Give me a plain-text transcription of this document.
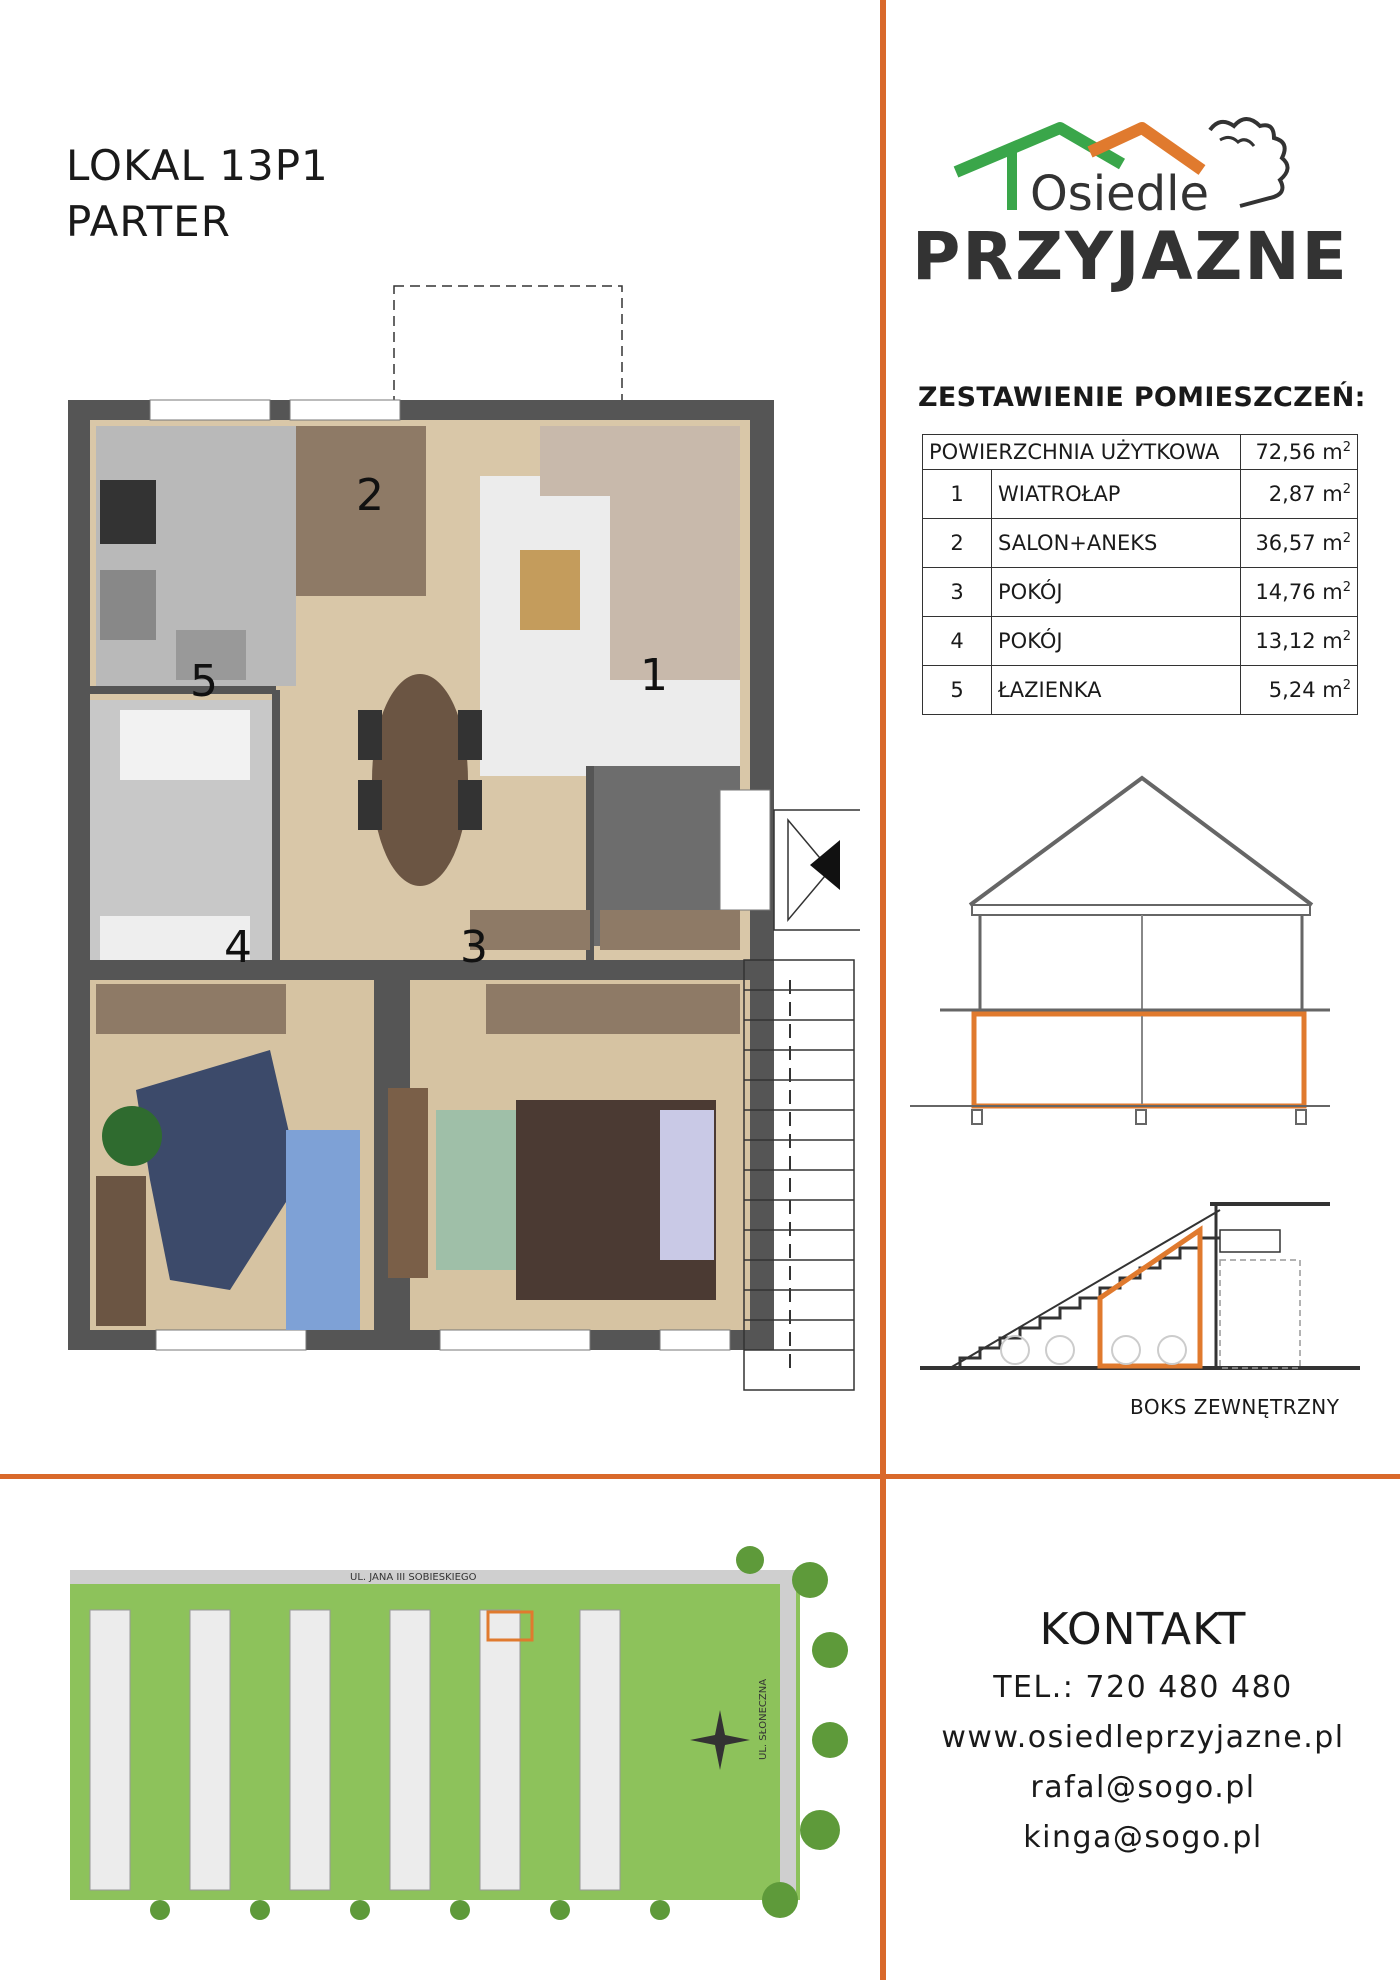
LOKAL 13P1
PARTER	Osiedle
PRZYJAZNE
ZESTAWIENIE POMIESZCZEŃ:
POWIERZCHNIA UŻYTKOWA		72,56 $m^2$
1	WIATROŁAP	2,87 $m^2$
2	SALON+ANEKS	36,57 $m^2$
3	POKÓJ	14,76 $m^2$
4	POKÓJ	13,12 $m^2$
5	ŁAZIENKA	5,24 $m^2$
1
2
3
4
5
BOKS ZEWNĘTRZNY
UL. JANA III SOBIESKIEGO
UL. SŁONECZNA
KONTAKT
TEL.: 720 480 480
www.osiedleprzyjazne.pl
rafal@sogo.pl
kinga@sogo.pl
